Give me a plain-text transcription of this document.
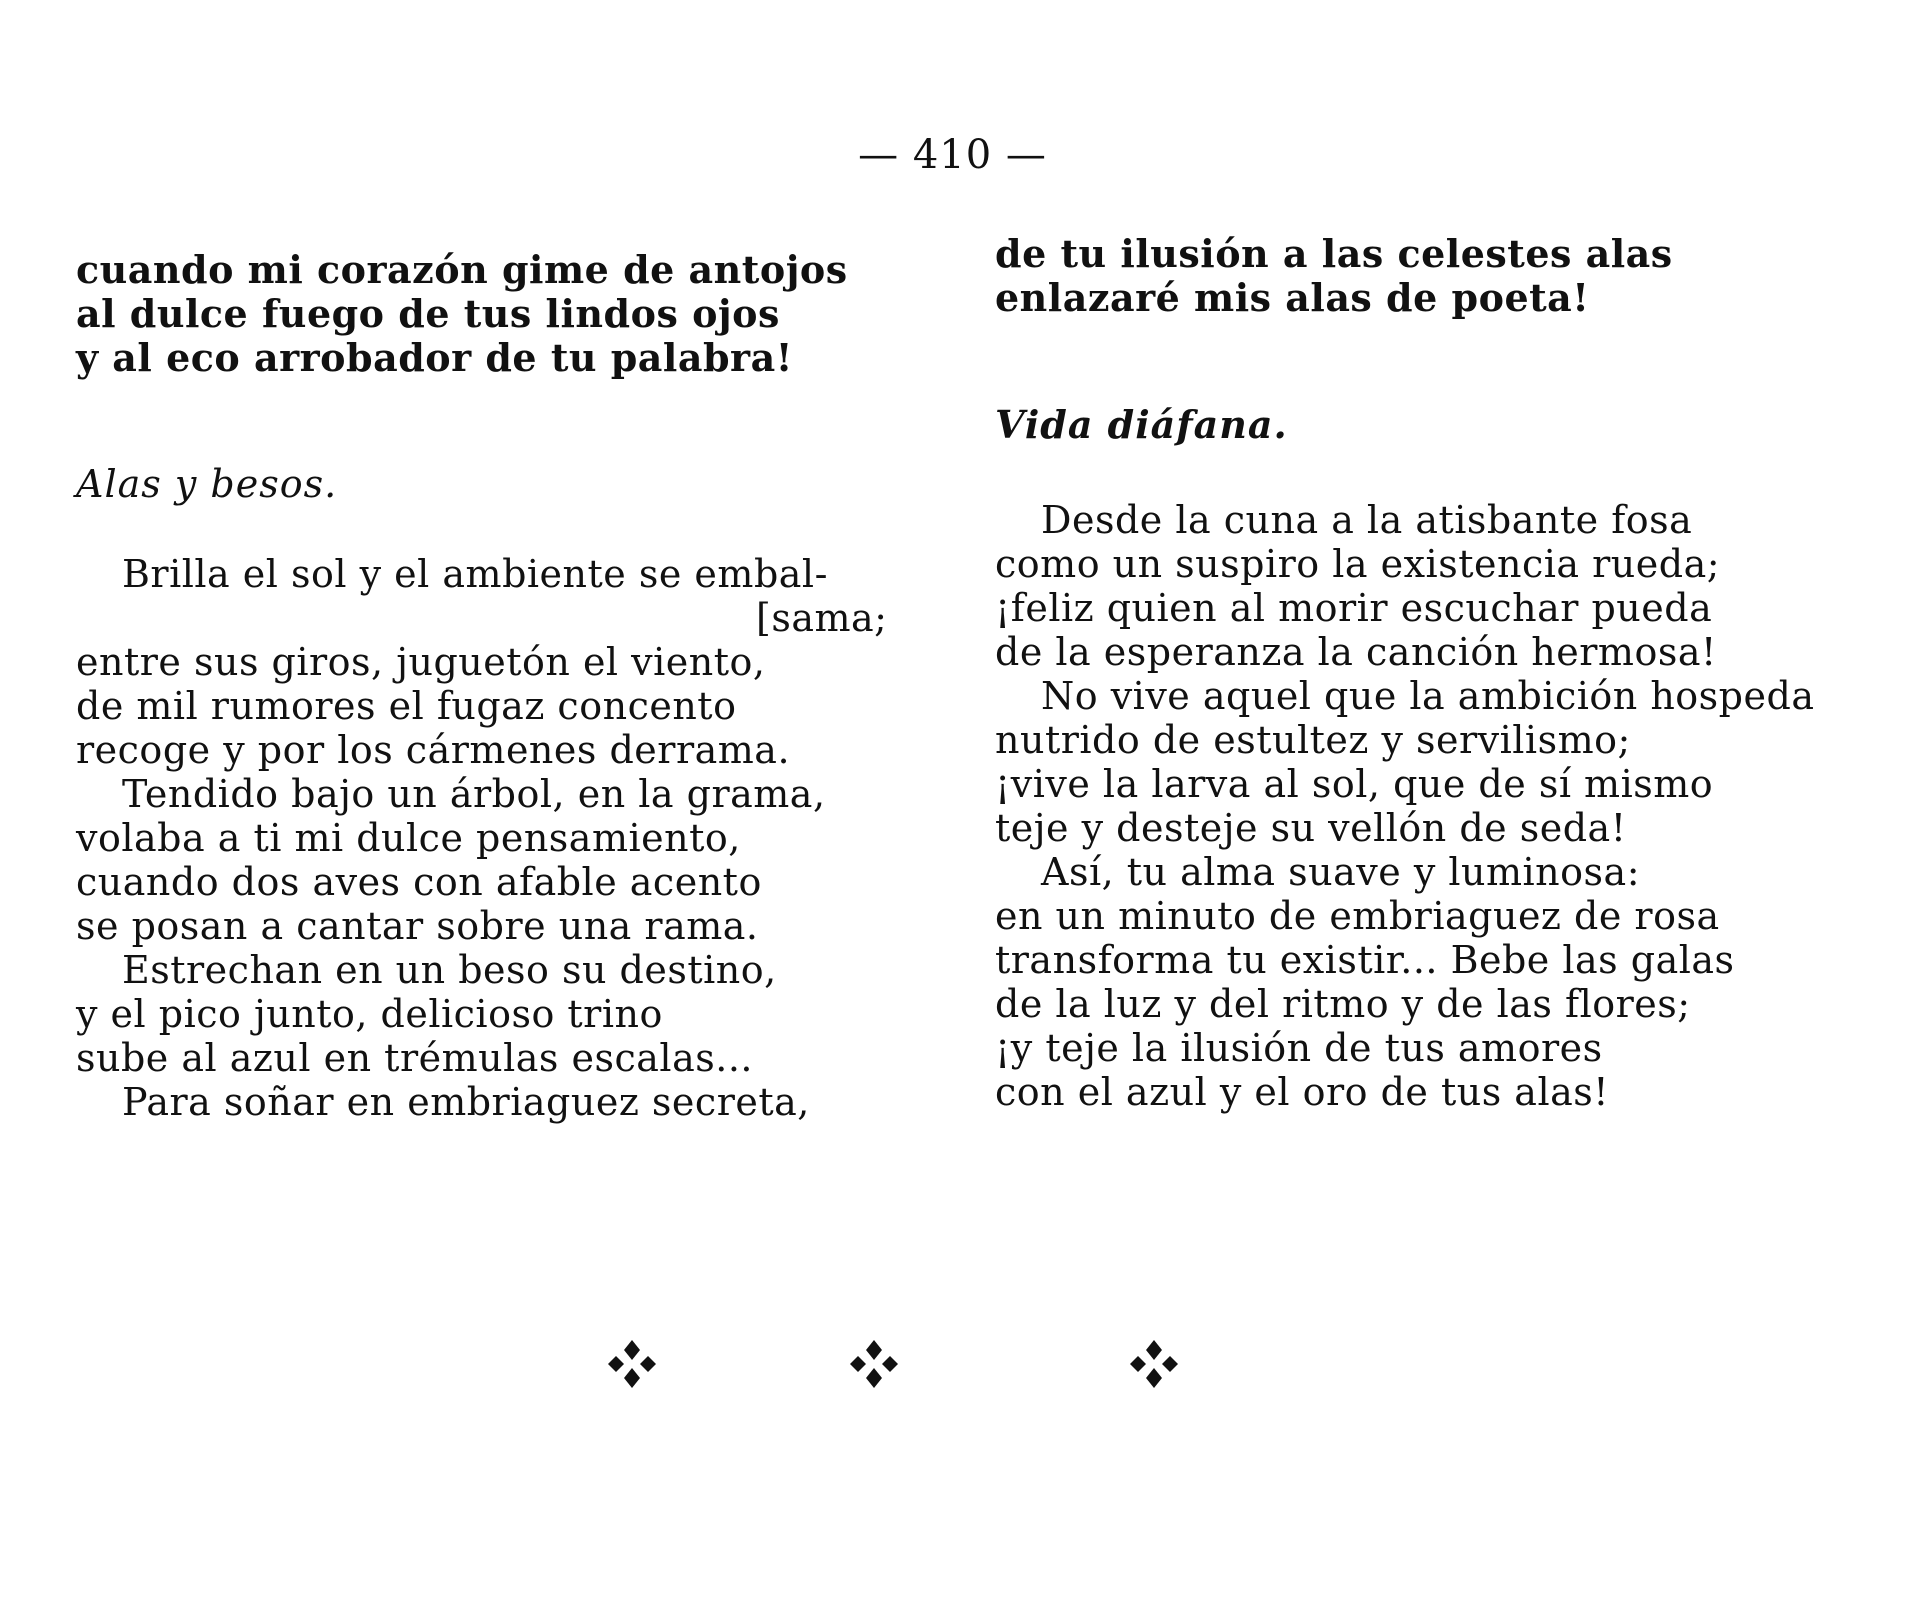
— 410 —
cuando mi corazón gime de antojos
al dulce fuego de tus lindos ojos
y al eco arrobador de tu palabra!
Alas y besos.
Brilla el sol y el ambiente se embal-
[sama;
entre sus giros, juguetón el viento,
de mil rumores el fugaz concento
recoge y por los cármenes derrama.
Tendido bajo un árbol, en la grama,
volaba a ti mi dulce pensamiento,
cuando dos aves con afable acento
se posan a cantar sobre una rama.
Estrechan en un beso su destino,
y el pico junto, delicioso trino
sube al azul en trémulas escalas...
Para soñar en embriaguez secreta,
de tu ilusión a las celestes alas
enlazaré mis alas de poeta!
Vida diáfana.
Desde la cuna a la atisbante fosa
como un suspiro la existencia rueda;
¡feliz quien al morir escuchar pueda
de la esperanza la canción hermosa!
No vive aquel que la ambición hospeda
nutrido de estultez y servilismo;
¡vive la larva al sol, que de sí mismo
teje y desteje su vellón de seda!
Así, tu alma suave y luminosa:
en un minuto de embriaguez de rosa
transforma tu existir... Bebe las galas
de la luz y del ritmo y de las flores;
¡y teje la ilusión de tus amores
con el azul y el oro de tus alas!
